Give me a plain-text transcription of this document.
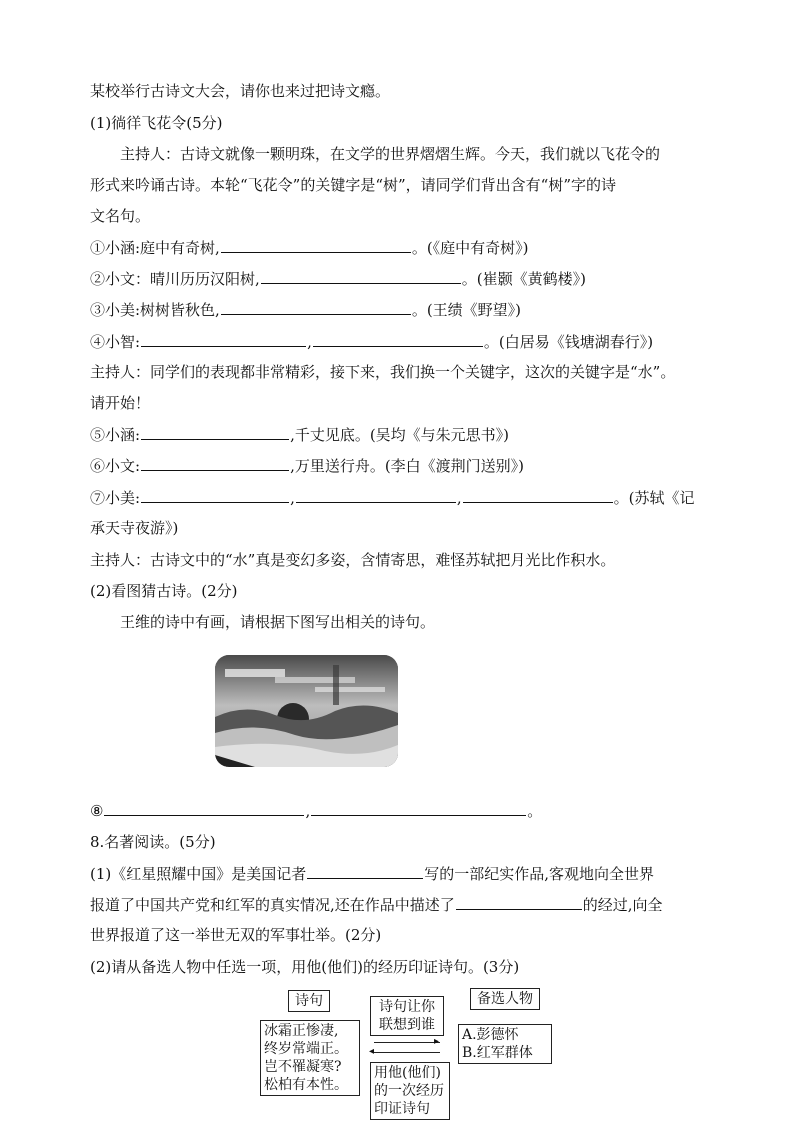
某校举行古诗文大会，请你也来过把诗文瘾。
(1)徜徉飞花令(5分)
主持人：古诗文就像一颗明珠，在文学的世界熠熠生辉。今天，我们就以飞花令的
形式来吟诵古诗。本轮“飞花令”的关键字是“树”，请同学们背出含有“树”字的诗
文名句。
①小涵:庭中有奇树,	。(《庭中有奇树》)
②小文：晴川历历汉阳树,	。(崔颢《黄鹤楼》)
③小美:树树皆秋色,	。(王绩《野望》)
④小智:	,	。(白居易《钱塘湖春行》)
主持人：同学们的表现都非常精彩，接下来，我们换一个关键字，这次的关键字是“水”。
请开始！
⑤小涵:	,千丈见底。(吴均《与朱元思书》)
⑥小文:	,万里送行舟。(李白《渡荆门送别》)
⑦小美:	,	,	。(苏轼《记
承天寺夜游》)
主持人：古诗文中的“水”真是变幻多姿，含情寄思，难怪苏轼把月光比作积水。
(2)看图猜古诗。(2分)
王维的诗中有画，请根据下图写出相关的诗句。
⑧	,	。
8.名著阅读。(5分)
(1)《红星照耀中国》是美国记者	写的一部纪实作品,客观地向全世界
报道了中国共产党和红军的真实情况,还在作品中描述了	的经过,向全
世界报道了这一举世无双的军事壮举。(2分)
(2)请从备选人物中任选一项，用他(他们)的经历印证诗句。(3分)
诗句
冰霜正惨凄,
终岁常端正。
岂不罹凝寒?
松柏有本性。
诗句让你
联想到谁
▸
◂
用他(他们)
的一次经历
印证诗句
备选人物
A.彭德怀
B.红军群体
